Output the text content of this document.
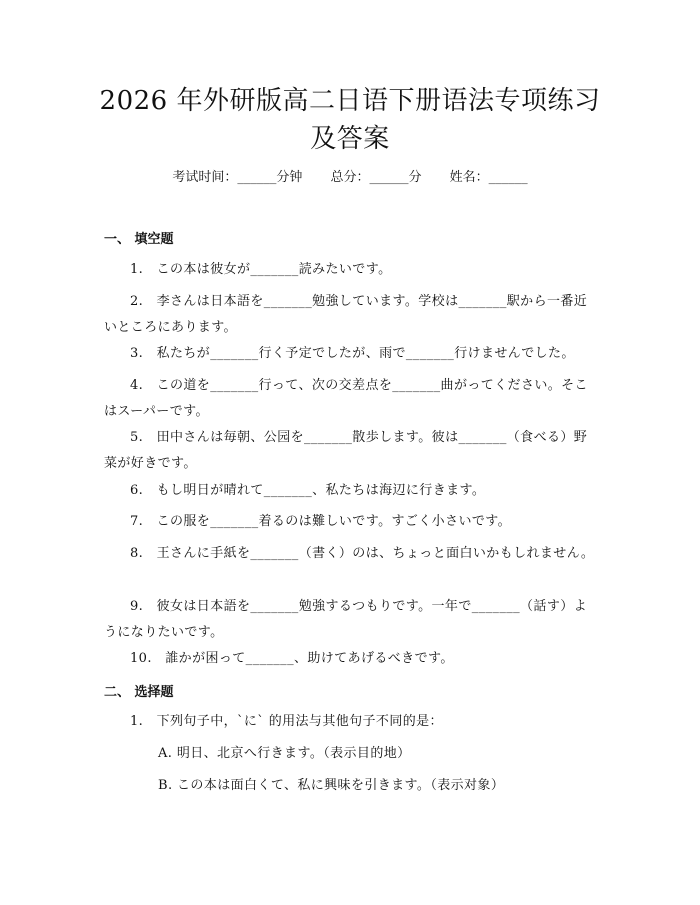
2026 年外研版高二日语下册语法专项练习及答案
考试时间：______分钟 总分：______分 姓名：______
一、 填空题
1.　この本は彼女が_______読みたいです。
2.　李さんは日本語を_______勉強しています。学校は_______駅から一番近いところにあります。
3.　私たちが_______行く予定でしたが、雨で_______行けませんでした。
4.　この道を_______行って、次の交差点を_______曲がってください。そこはスーパーです。
5.　田中さんは毎朝、公园を_______散歩します。彼は_______（食べる）野菜が好きです。
6.　もし明日が晴れて_______、私たちは海辺に行きます。
7.　この服を_______着るのは難しいです。すごく小さいです。
8.　王さんに手紙を_______（書く）のは、ちょっと面白いかもしれません。
9.　彼女は日本語を_______勉強するつもりです。一年で_______（話す）ようになりたいです。
10.　誰かが困って_______、助けてあげるべきです。
二、 选择题
1.　下列句子中，`に` 的用法与其他句子不同的是：
A. 明日、北京へ行きます。（表示目的地）
B. この本は面白くて、私に興味を引きます。（表示对象）
